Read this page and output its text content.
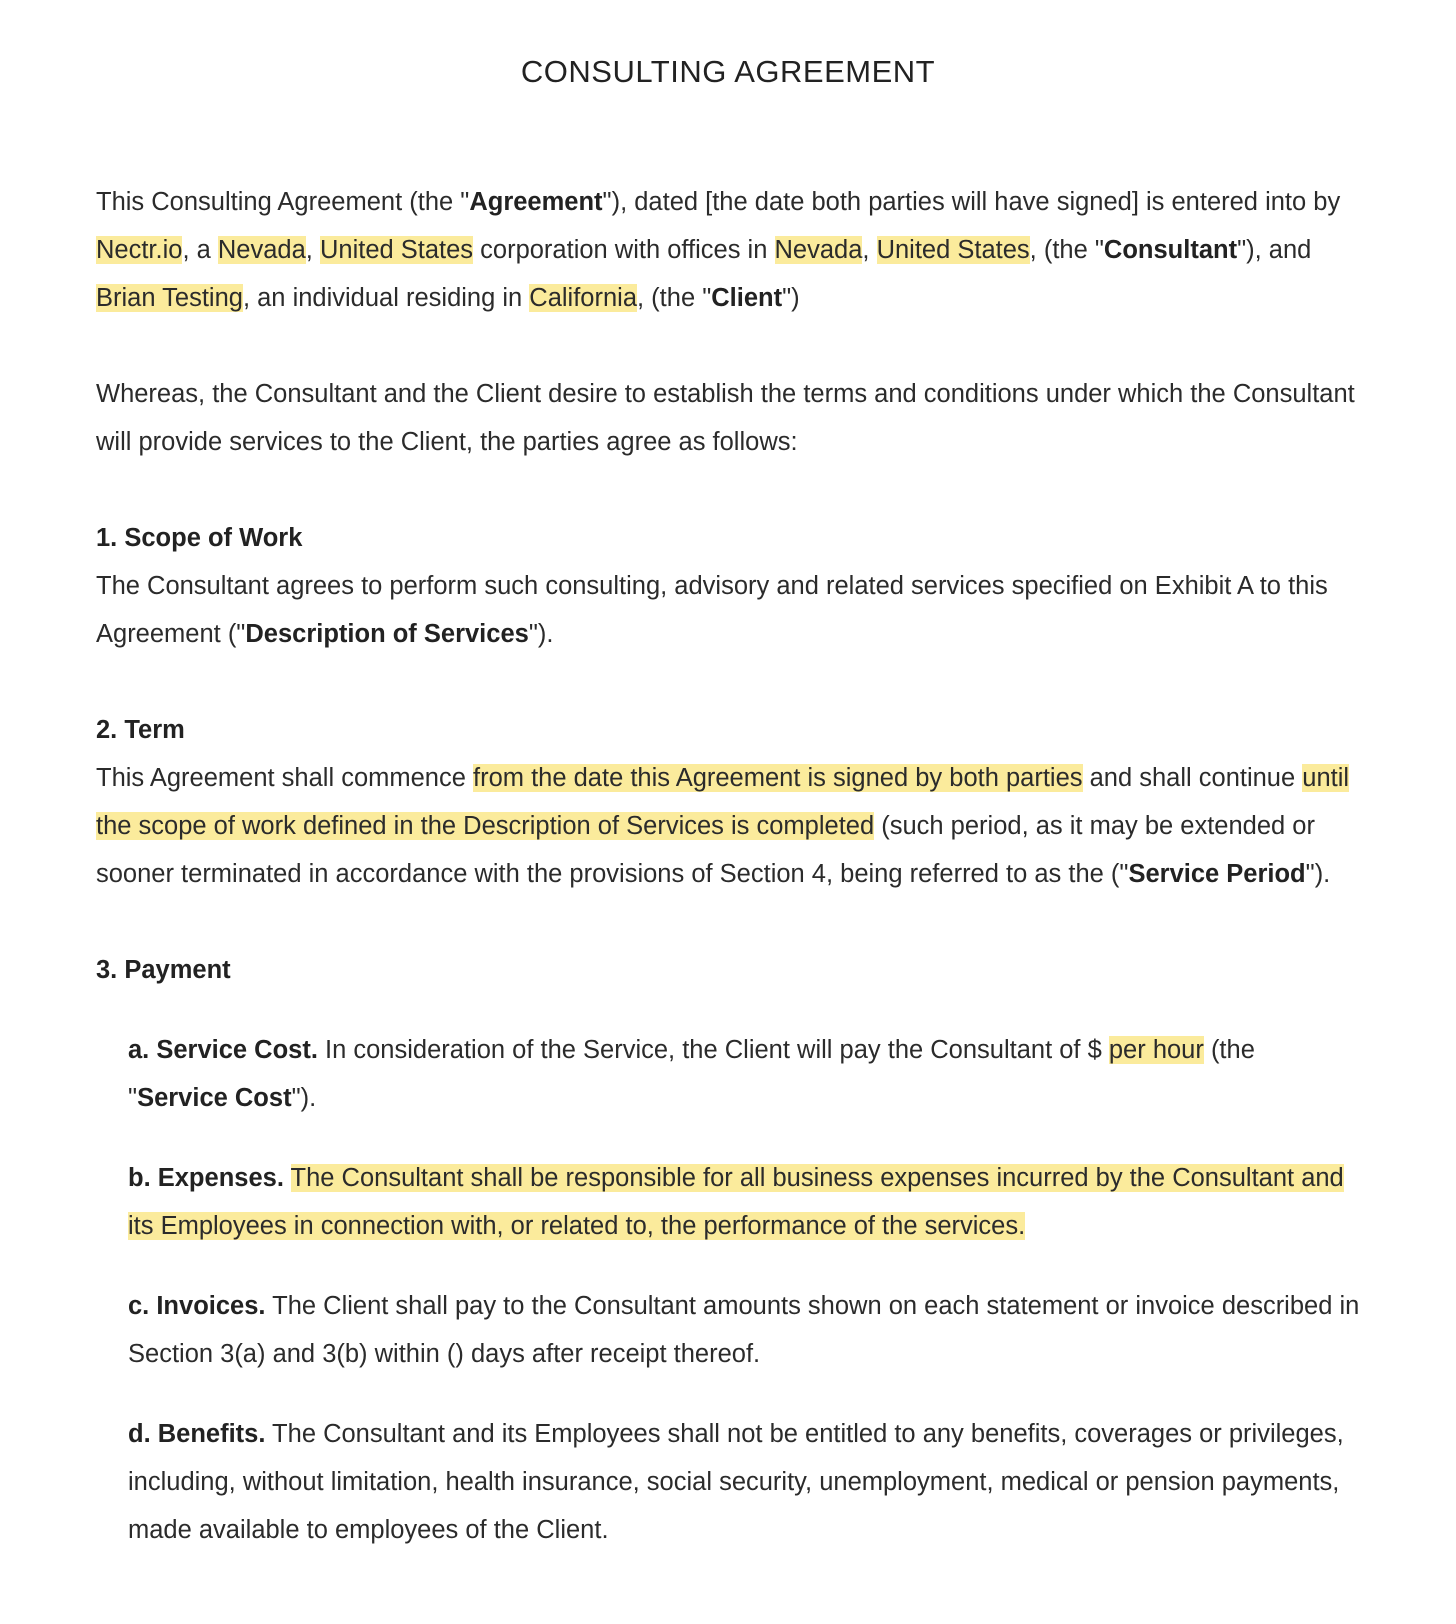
CONSULTING AGREEMENT

This Consulting Agreement (the "Agreement"), dated [the date both parties will have signed] is entered into by Nectr.io, a Nevada, United States corporation with offices in Nevada, United States, (the "Consultant"), and Brian Testing, an individual residing in California, (the "Client")

Whereas, the Consultant and the Client desire to establish the terms and conditions under which the Consultant will provide services to the Client, the parties agree as follows:

1. Scope of Work

The Consultant agrees to perform such consulting, advisory and related services specified on Exhibit A to this Agreement ("Description of Services").

2. Term

This Agreement shall commence from the date this Agreement is signed by both parties and shall continue until the scope of work defined in the Description of Services is completed (such period, as it may be extended or sooner terminated in accordance with the provisions of Section 4, being referred to as the ("Service Period").

3. Payment

a. Service Cost. In consideration of the Service, the Client will pay the Consultant of $ per hour (the "Service Cost").

b. Expenses. The Consultant shall be responsible for all business expenses incurred by the Consultant and its Employees in connection with, or related to, the performance of the services.

c. Invoices. The Client shall pay to the Consultant amounts shown on each statement or invoice described in Section 3(a) and 3(b) within () days after receipt thereof.

d. Benefits. The Consultant and its Employees shall not be entitled to any benefits, coverages or privileges, including, without limitation, health insurance, social security, unemployment, medical or pension payments, made available to employees of the Client.
